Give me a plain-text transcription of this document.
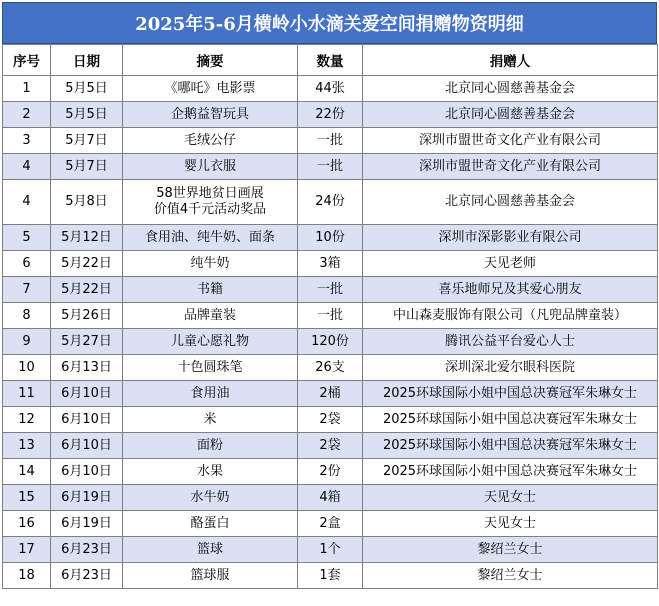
2025年5-6月横岭小水滴关爱空间捐赠物资明细
序号	日期	摘要	数量	捐赠人
1	5月5日	《哪吒》电影票	44张	北京同心圆慈善基金会
2	5月5日	企鹅益智玩具	22份	北京同心圆慈善基金会
3	5月7日	毛绒公仔	一批	深圳市盟世奇文化产业有限公司
4	5月7日	婴儿衣服	一批	深圳市盟世奇文化产业有限公司
4	5月8日	58世界地贫日画展
价值4千元活动奖品	24份	北京同心圆慈善基金会
5	5月12日	食用油、纯牛奶、面条	10份	深圳市深影影业有限公司
6	5月22日	纯牛奶	3箱	天见老师
7	5月22日	书籍	一批	喜乐地师兄及其爱心朋友
8	5月26日	品牌童装	一批	中山森麦服饰有限公司（凡兜品牌童装）
9	5月27日	儿童心愿礼物	120份	腾讯公益平台爱心人士
10	6月13日	十色圆珠笔	26支	深圳深北爱尔眼科医院
11	6月10日	食用油	2桶	2025环球国际小姐中国总决赛冠军朱琳女士
12	6月10日	米	2袋	2025环球国际小姐中国总决赛冠军朱琳女士
13	6月10日	面粉	2袋	2025环球国际小姐中国总决赛冠军朱琳女士
14	6月10日	水果	2份	2025环球国际小姐中国总决赛冠军朱琳女士
15	6月19日	水牛奶	4箱	天见女士
16	6月19日	酪蛋白	2盒	天见女士
17	6月23日	篮球	1个	黎绍兰女士
18	6月23日	篮球服	1套	黎绍兰女士
